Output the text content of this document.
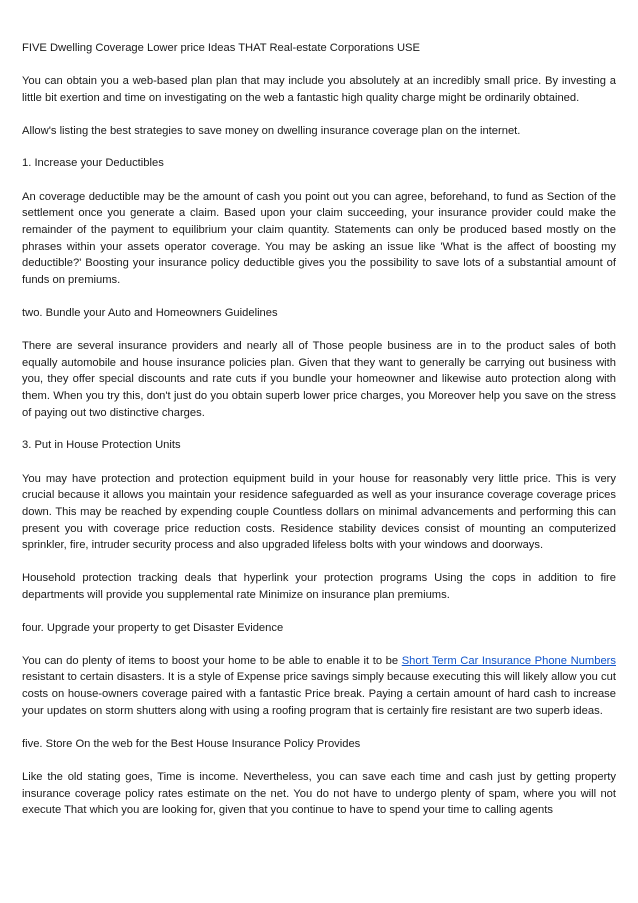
FIVE Dwelling Coverage Lower price Ideas THAT Real-estate Corporations USE

You can obtain you a web-based plan plan that may include you absolutely at an incredibly small price. By investing a little bit exertion and time on investigating on the web a fantastic high quality charge might be ordinarily obtained.

Allow's listing the best strategies to save money on dwelling insurance coverage plan on the internet.

1. Increase your Deductibles

An coverage deductible may be the amount of cash you point out you can agree, beforehand, to fund as Section of the settlement once you generate a claim. Based upon your claim succeeding, your insurance provider could make the remainder of the payment to equilibrium your claim quantity. Statements can only be produced based mostly on the phrases within your assets operator coverage. You may be asking an issue like 'What is the affect of boosting my deductible?' Boosting your insurance policy deductible gives you the possibility to save lots of a substantial amount of funds on premiums.

two. Bundle your Auto and Homeowners Guidelines

There are several insurance providers and nearly all of Those people business are in to the product sales of both equally automobile and house insurance policies plan. Given that they want to generally be carrying out business with you, they offer special discounts and rate cuts if you bundle your homeowner and likewise auto protection along with them. When you try this, don't just do you obtain superb lower price charges, you Moreover help you save on the stress of paying out two distinctive charges.

3. Put in House Protection Units

You may have protection and protection equipment build in your house for reasonably very little price. This is very crucial because it allows you maintain your residence safeguarded as well as your insurance coverage coverage prices down. This may be reached by expending couple Countless dollars on minimal advancements and performing this can present you with coverage price reduction costs. Residence stability devices consist of mounting an computerized sprinkler, fire, intruder security process and also upgraded lifeless bolts with your windows and doorways.

Household protection tracking deals that hyperlink your protection programs Using the cops in addition to fire departments will provide you supplemental rate Minimize on insurance plan premiums.

four. Upgrade your property to get Disaster Evidence

You can do plenty of items to boost your home to be able to enable it to be Short Term Car Insurance Phone Numbers resistant to certain disasters. It is a style of Expense price savings simply because executing this will likely allow you cut costs on house-owners coverage paired with a fantastic Price break. Paying a certain amount of hard cash to increase your updates on storm shutters along with using a roofing program that is certainly fire resistant are two superb ideas.

five. Store On the web for the Best House Insurance Policy Provides

Like the old stating goes, Time is income. Nevertheless, you can save each time and cash just by getting property insurance coverage policy rates estimate on the net. You do not have to undergo plenty of spam, where you will not execute That which you are looking for, given that you continue to have to spend your time to calling agents
